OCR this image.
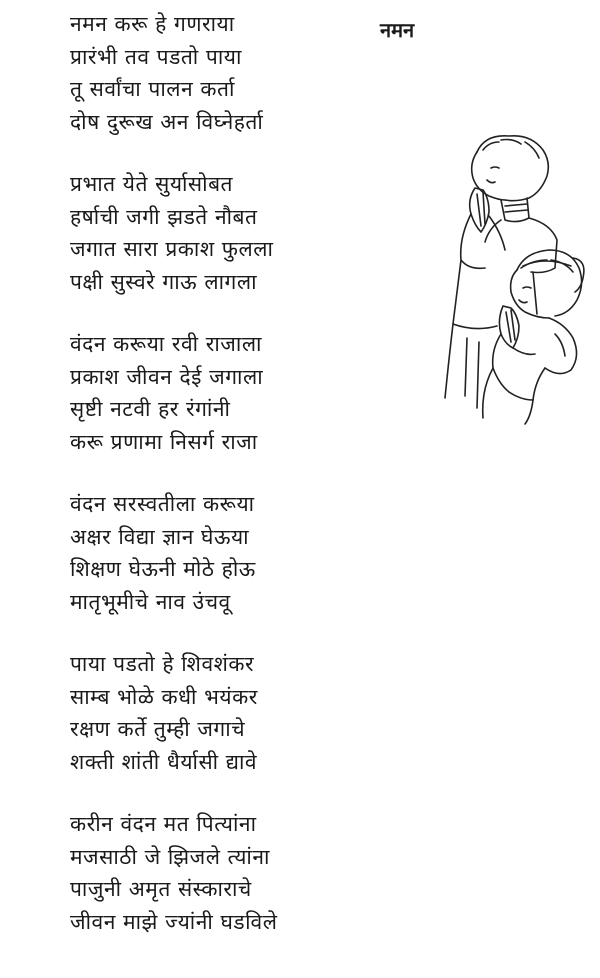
नमन करू हे गणराया
प्रारंभी तव पडतो पाया
तू सर्वांचा पालन कर्ता
दोष दुरूख अन विघ्नेहर्ता
प्रभात येते सुर्यासोबत
हर्षाची जगी झडते नौबत
जगात सारा प्रकाश फुलला
पक्षी सुस्वरे गाऊ लागला
वंदन करूया रवी राजाला
प्रकाश जीवन देई जगाला
सृष्टी नटवी हर रंगांनी
करू प्रणामा निसर्ग राजा
वंदन सरस्वतीला करूया
अक्षर विद्या ज्ञान घेऊया
शिक्षण घेऊनी मोठे होऊ
मातृभूमीचे नाव उंचवू
पाया पडतो हे शिवशंकर
साम्ब भोळे कधी भयंकर
रक्षण कर्ते तुम्ही जगाचे
शक्ती शांती धैर्यासी द्यावे
करीन वंदन मत पित्यांना
मजसाठी जे झिजले त्यांना
पाजुनी अमृत संस्काराचे
जीवन माझे ज्यांनी घडविले
नमन
